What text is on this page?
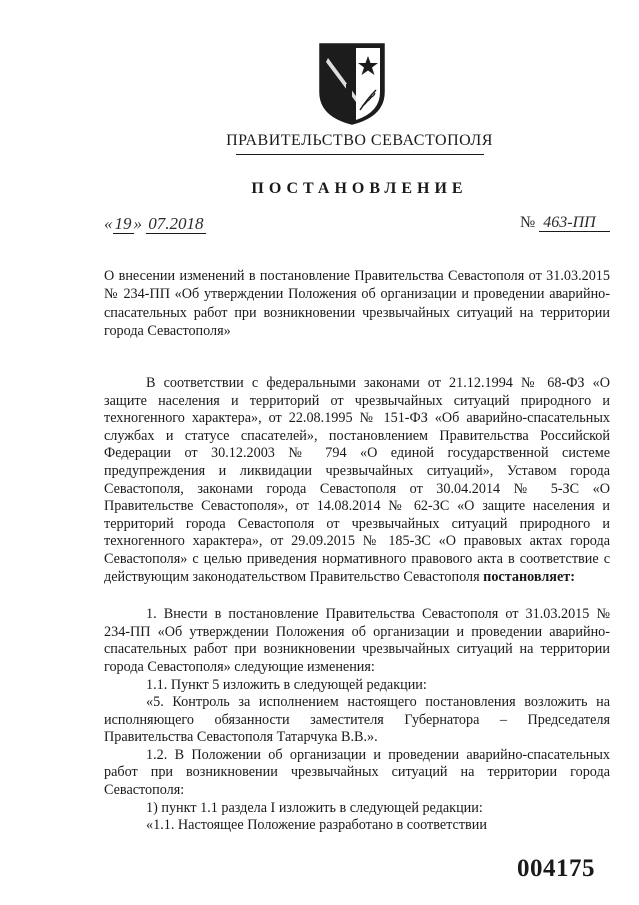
ПРАВИТЕЛЬСТВО СЕВАСТОПОЛЯ
ПОСТАНОВЛЕНИЕ
« 19 » 07.2018	№ 463-ПП
О внесении изменений в постановление Правительства Севастополя от 31.03.2015 № 234-ПП «Об утверждении Положения об организации и проведении аварийно-спасательных работ при возникновении чрезвычайных ситуаций на территории города Севастополя»

В соответствии с федеральными законами от 21.12.1994 № 68-ФЗ «О защите населения и территорий от чрезвычайных ситуаций природного и техногенного характера», от 22.08.1995 № 151-ФЗ «Об аварийно-спасательных службах и статусе спасателей», постановлением Правительства Российской Федерации от 30.12.2003 № 794 «О единой государственной системе предупреждения и ликвидации чрезвычайных ситуаций», Уставом города Севастополя, законами города Севастополя от 30.04.2014 № 5-ЗС «О Правительстве Севастополя», от 14.08.2014 № 62-ЗС «О защите населения и территорий города Севастополя от чрезвычайных ситуаций природного и техногенного характера», от 29.09.2015 № 185-ЗС «О правовых актах города Севастополя» с целью приведения нормативного правового акта в соответствие с действующим законодательством Правительство Севастополя постановляет:

1. Внести в постановление Правительства Севастополя от 31.03.2015 № 234-ПП «Об утверждении Положения об организации и проведении аварийно-спасательных работ при возникновении чрезвычайных ситуаций на территории города Севастополя» следующие изменения:

1.1. Пункт 5 изложить в следующей редакции:

«5. Контроль за исполнением настоящего постановления возложить на исполняющего обязанности заместителя Губернатора – Председателя Правительства Севастополя Татарчука В.В.».

1.2. В Положении об организации и проведении аварийно-спасательных работ при возникновении чрезвычайных ситуаций на территории города Севастополя:

1) пункт 1.1 раздела I изложить в следующей редакции:

«1.1. Настоящее Положение разработано в соответствии

004175
